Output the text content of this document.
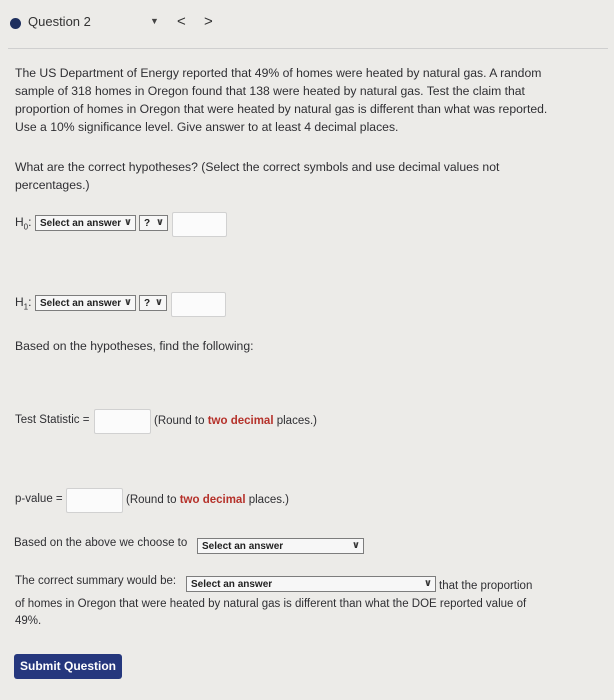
Question 2	▼ < >
The US Department of Energy reported that 49% of homes were heated by natural gas. A random sample of 318 homes in Oregon found that 138 were heated by natural gas. Test the claim that proportion of homes in Oregon that were heated by natural gas is different than what was reported. Use a 10% significance level. Give answer to at least 4 decimal places.
What are the correct hypotheses? (Select the correct symbols and use decimal values not percentages.)
$H_0$: Select an answer ∨	? ∨
$H_1$: Select an answer ∨	? ∨
Based on the hypotheses, find the following:
Test Statistic =	(Round to two decimal places.)
p-value =	(Round to two decimal places.)
Based on the above we choose to	Select an answer	∨
The correct summary would be:	Select an answer	∨ that the proportion
of homes in Oregon that were heated by natural gas is different than what the DOE reported value of 49%.
Submit Question
